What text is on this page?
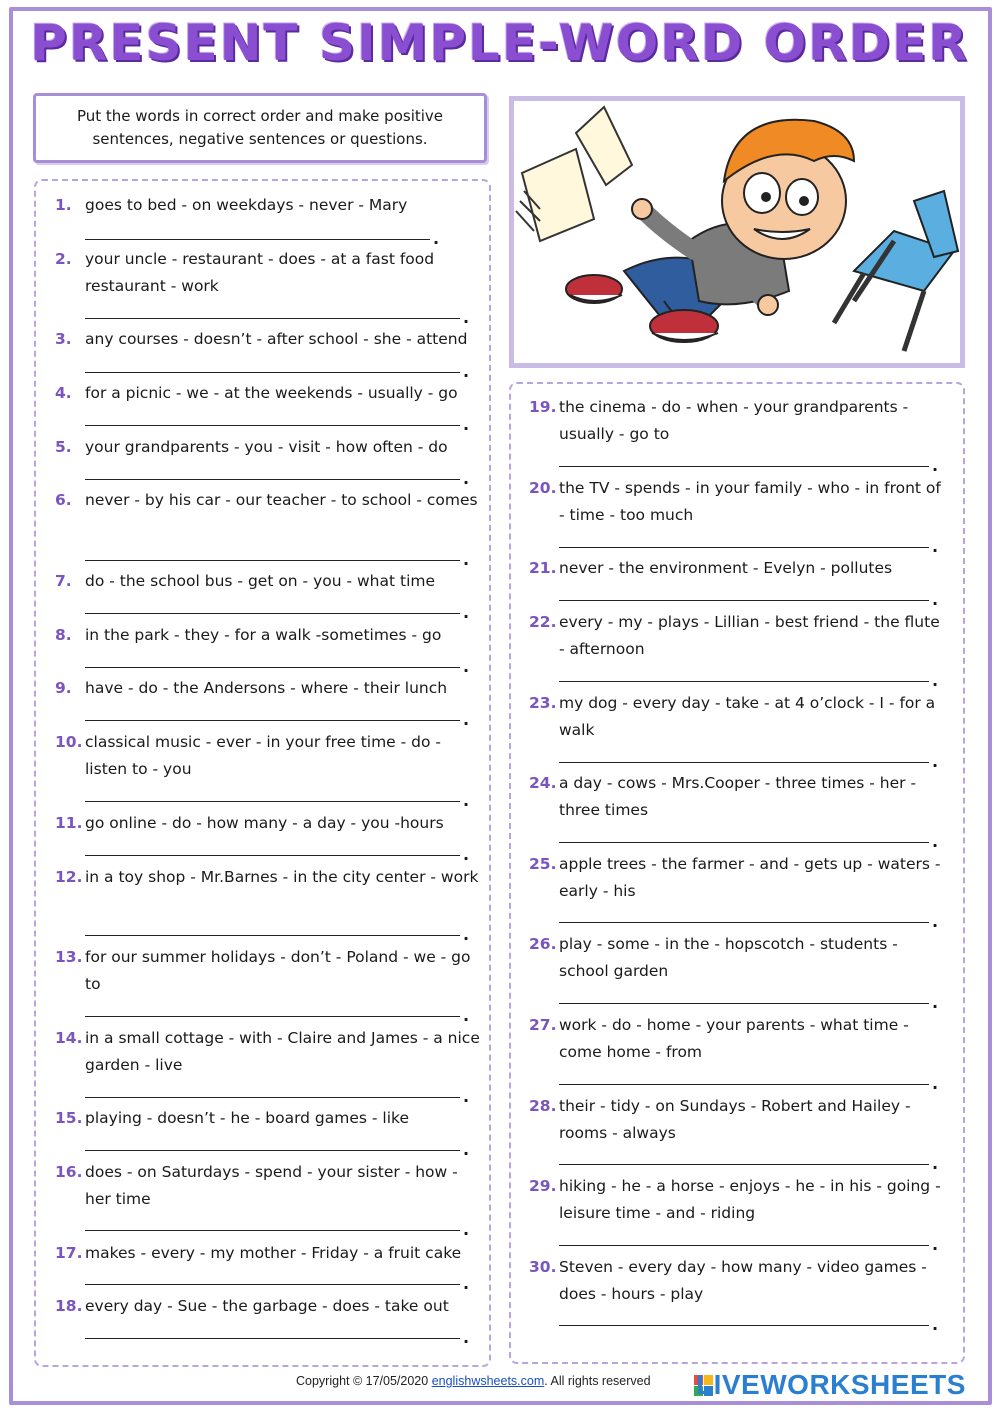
PRESENT SIMPLE-WORD ORDER
Put the words in correct order and make positive sentences, negative sentences or questions.
1. goes to bed - on weekdays - never - Mary
.
2. your uncle - restaurant - does - at a fast food restaurant - work
.
3. any courses - doesn’t - after school - she - attend
.
4. for a picnic - we - at the weekends - usually - go
.
5. your grandparents - you - visit - how often - do
.
6. never - by his car - our teacher - to school - comes
.
7. do - the school bus - get on - you - what time
.
8. in the park - they - for a walk -sometimes - go
.
9. have - do - the Andersons - where - their lunch
.
10. classical music - ever - in your free time - do - listen to - you
.
11. go online - do - how many - a day - you -hours
.
12. in a toy shop - Mr.Barnes - in the city center - work
.
13. for our summer holidays - don’t - Poland - we - go to
.
14. in a small cottage - with - Claire and James - a nice garden - live
.
15. playing - doesn’t - he - board games - like
.
16. does - on Saturdays - spend - your sister - how - her time
.
17. makes - every - my mother - Friday - a fruit cake
.
18. every day - Sue - the garbage - does - take out
.
19. the cinema - do - when - your grandparents - usually - go to
.
20. the TV - spends - in your family - who - in front of - time - too much
.
21. never - the environment - Evelyn - pollutes
.
22. every - my - plays - Lillian - best friend - the flute - afternoon
.
23. my dog - every day - take - at 4 o’clock - I - for a walk
.
24. a day - cows - Mrs.Cooper - three times - her - three times
.
25. apple trees - the farmer - and - gets up - waters - early - his
.
26. play - some - in the - hopscotch - students - school garden
.
27. work - do - home - your parents - what time - come home - from
.
28. their - tidy - on Sundays - Robert and Hailey - rooms - always
.
29. hiking - he - a horse - enjoys - he - in his - going - leisure time - and - riding
.
30. Steven - every day - how many - video games - does - hours - play
.
Copyright © 17/05/2020 englishwsheets.com. All rights reserved LIVEWORKSHEETS
